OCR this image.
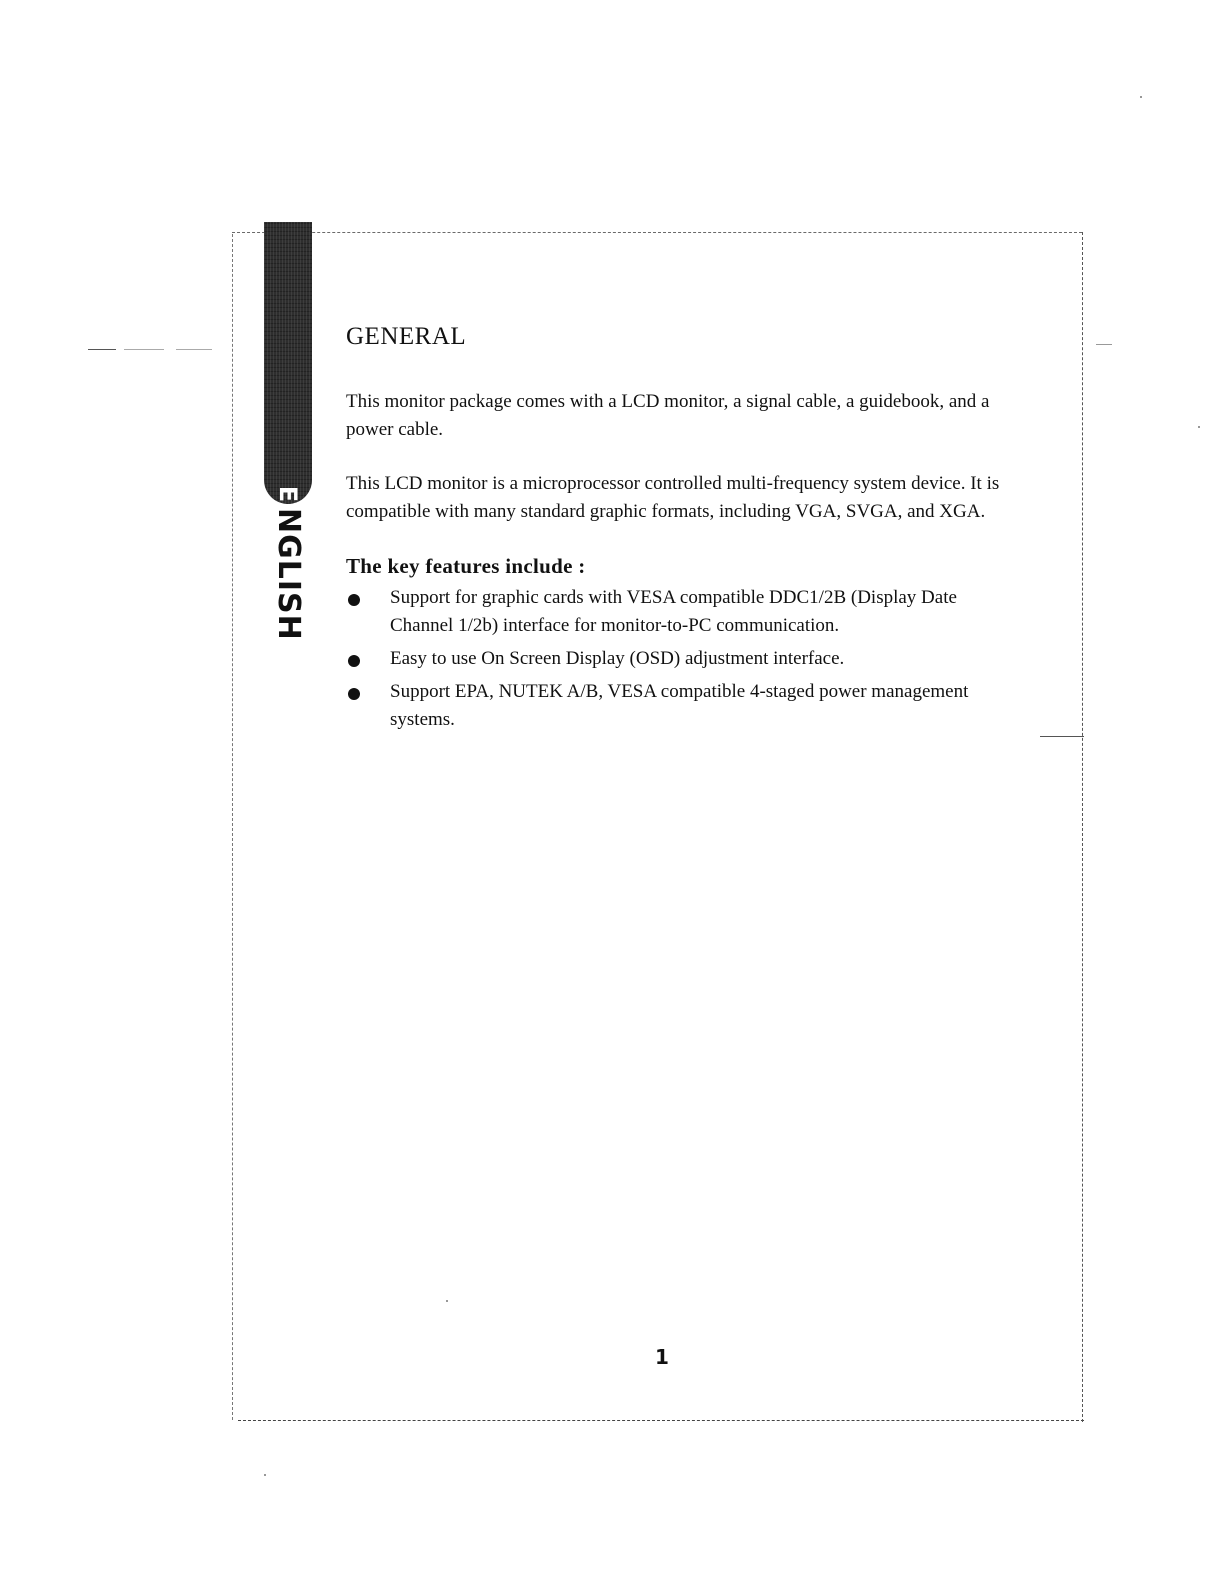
E
NGLISH
GENERAL

This monitor package comes with a LCD monitor, a signal cable, a guidebook, and a power cable.

This LCD monitor is a microprocessor controlled multi-frequency system device. It is compatible with many standard graphic formats, including VGA, SVGA, and XGA.

The key features include :
Support for graphic cards with VESA compatible DDC1/2B (Display Date Channel 1/2b) interface for monitor-to-PC communication.
Easy to use On Screen Display (OSD) adjustment interface.
Support EPA, NUTEK A/B, VESA compatible 4-staged power management systems.
1
